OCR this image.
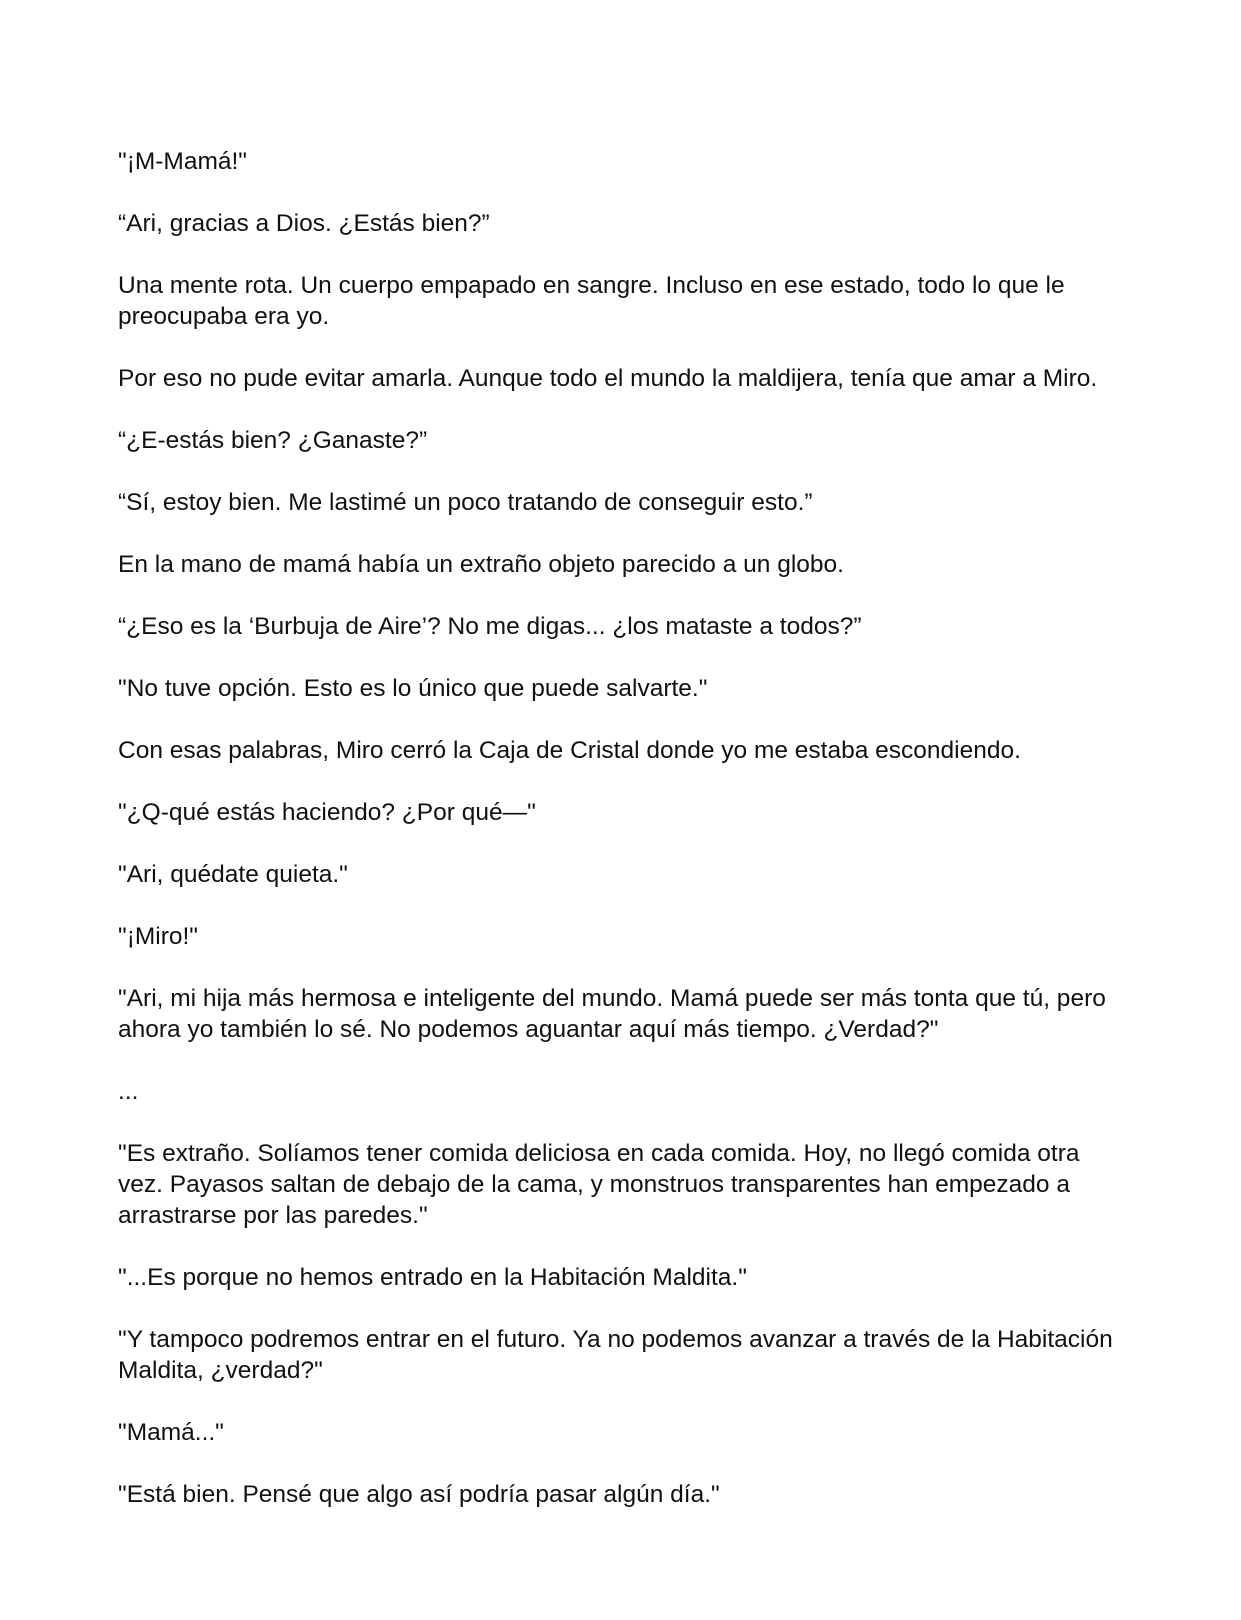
"¡M-Mamá!"

“Ari, gracias a Dios. ¿Estás bien?”

Una mente rota. Un cuerpo empapado en sangre. Incluso en ese estado, todo lo que le preocupaba era yo.

Por eso no pude evitar amarla. Aunque todo el mundo la maldijera, tenía que amar a Miro.

“¿E-estás bien? ¿Ganaste?”

“Sí, estoy bien. Me lastimé un poco tratando de conseguir esto.”

En la mano de mamá había un extraño objeto parecido a un globo.

“¿Eso es la ‘Burbuja de Aire’? No me digas... ¿los mataste a todos?”

"No tuve opción. Esto es lo único que puede salvarte."

Con esas palabras, Miro cerró la Caja de Cristal donde yo me estaba escondiendo.

"¿Q-qué estás haciendo? ¿Por qué—"

"Ari, quédate quieta."

"¡Miro!"

"Ari, mi hija más hermosa e inteligente del mundo. Mamá puede ser más tonta que tú, pero ahora yo también lo sé. No podemos aguantar aquí más tiempo. ¿Verdad?"

...

"Es extraño. Solíamos tener comida deliciosa en cada comida. Hoy, no llegó comida otra vez. Payasos saltan de debajo de la cama, y monstruos transparentes han empezado a arrastrarse por las paredes."

"...Es porque no hemos entrado en la Habitación Maldita."

"Y tampoco podremos entrar en el futuro. Ya no podemos avanzar a través de la Habitación Maldita, ¿verdad?"

"Mamá..."

"Está bien. Pensé que algo así podría pasar algún día."
